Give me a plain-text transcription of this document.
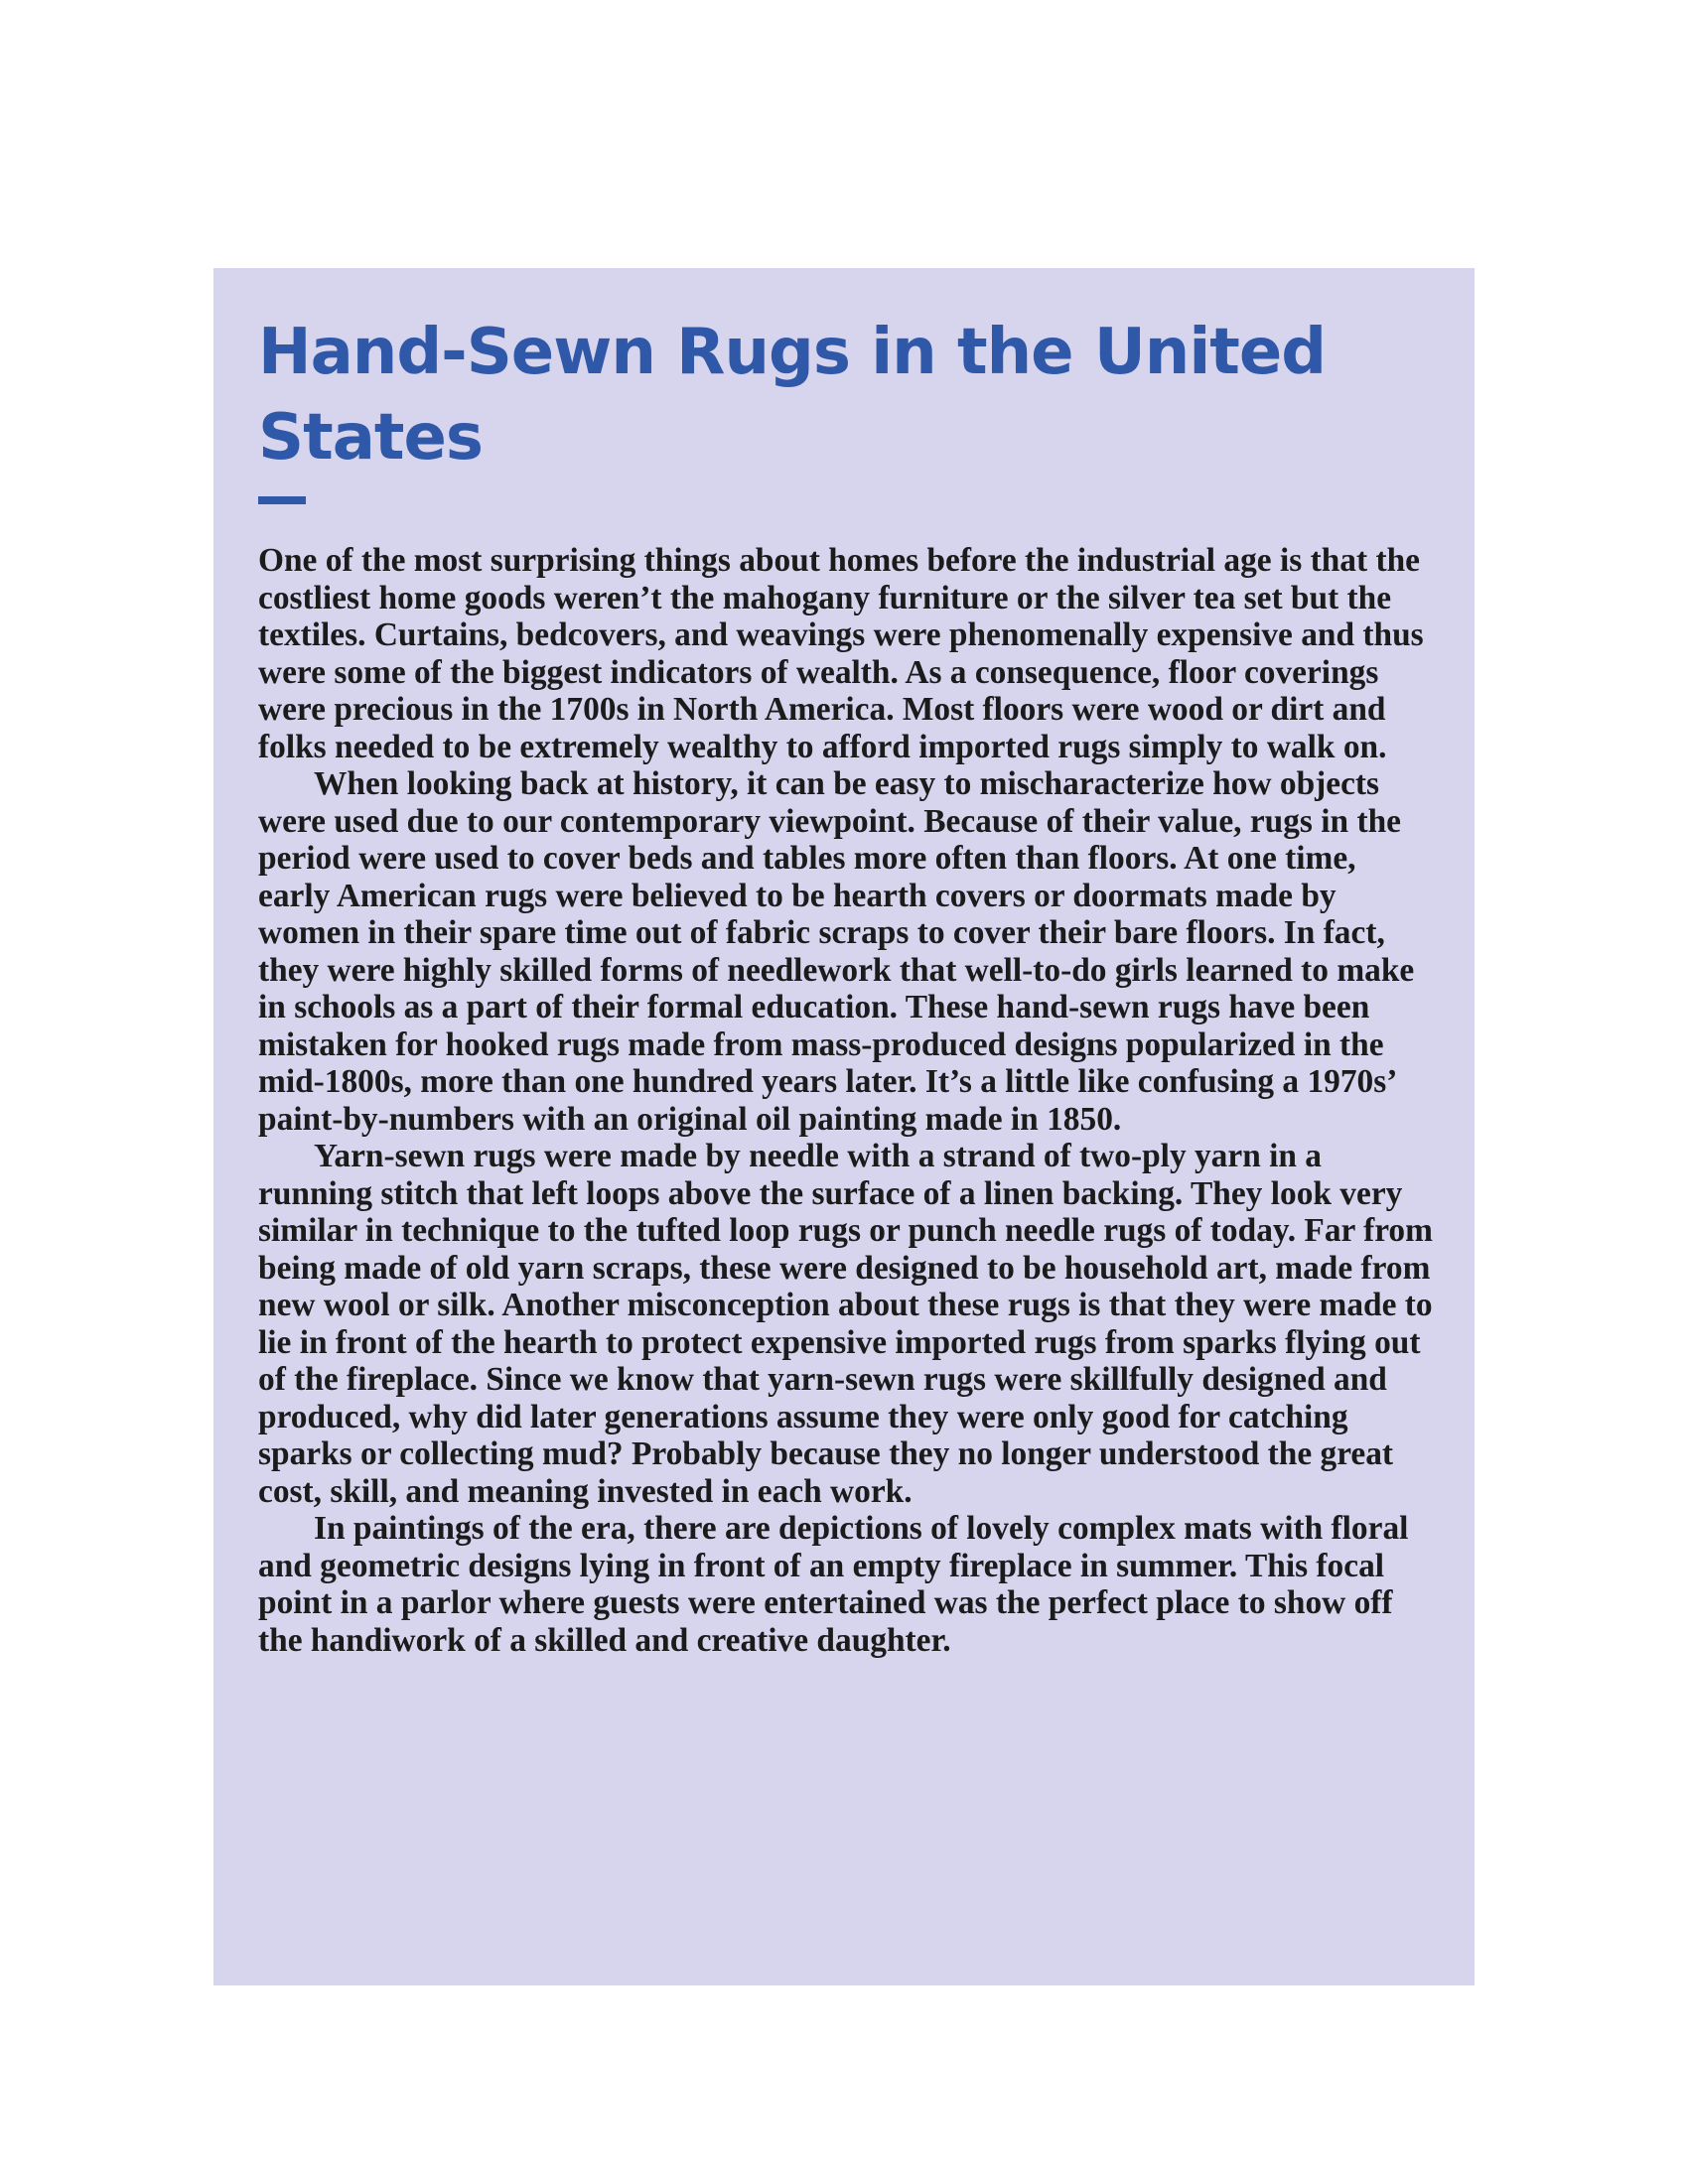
Hand-Sewn Rugs in the United States

One of the most surprising things about homes before the industrial age is that the costliest home goods weren’t the mahogany furniture or the silver tea set but the textiles. Curtains, bedcovers, and weavings were phenomenally expensive and thus were some of the biggest indicators of wealth. As a consequence, floor coverings were precious in the 1700s in North America. Most floors were wood or dirt and folks needed to be extremely wealthy to afford imported rugs simply to walk on.

When looking back at history, it can be easy to mischaracterize how objects were used due to our contemporary viewpoint. Because of their value, rugs in the period were used to cover beds and tables more often than floors. At one time, early American rugs were believed to be hearth covers or doormats made by women in their spare time out of fabric scraps to cover their bare floors. In fact, they were highly skilled forms of needlework that well-to-do girls learned to make in schools as a part of their formal education. These hand-sewn rugs have been mistaken for hooked rugs made from mass-produced designs popularized in the mid-1800s, more than one hundred years later. It’s a little like confusing a 1970s’ paint-by-numbers with an original oil painting made in 1850.

Yarn-sewn rugs were made by needle with a strand of two-ply yarn in a running stitch that left loops above the surface of a linen backing. They look very similar in technique to the tufted loop rugs or punch needle rugs of today. Far from being made of old yarn scraps, these were designed to be household art, made from new wool or silk. Another misconception about these rugs is that they were made to lie in front of the hearth to protect expensive imported rugs from sparks flying out of the fireplace. Since we know that yarn-sewn rugs were skillfully designed and produced, why did later generations assume they were only good for catching sparks or collecting mud? Probably because they no longer understood the great cost, skill, and meaning invested in each work.

In paintings of the era, there are depictions of lovely complex mats with floral and geometric designs lying in front of an empty fireplace in summer. This focal point in a parlor where guests were entertained was the perfect place to show off the handiwork of a skilled and creative daughter.
